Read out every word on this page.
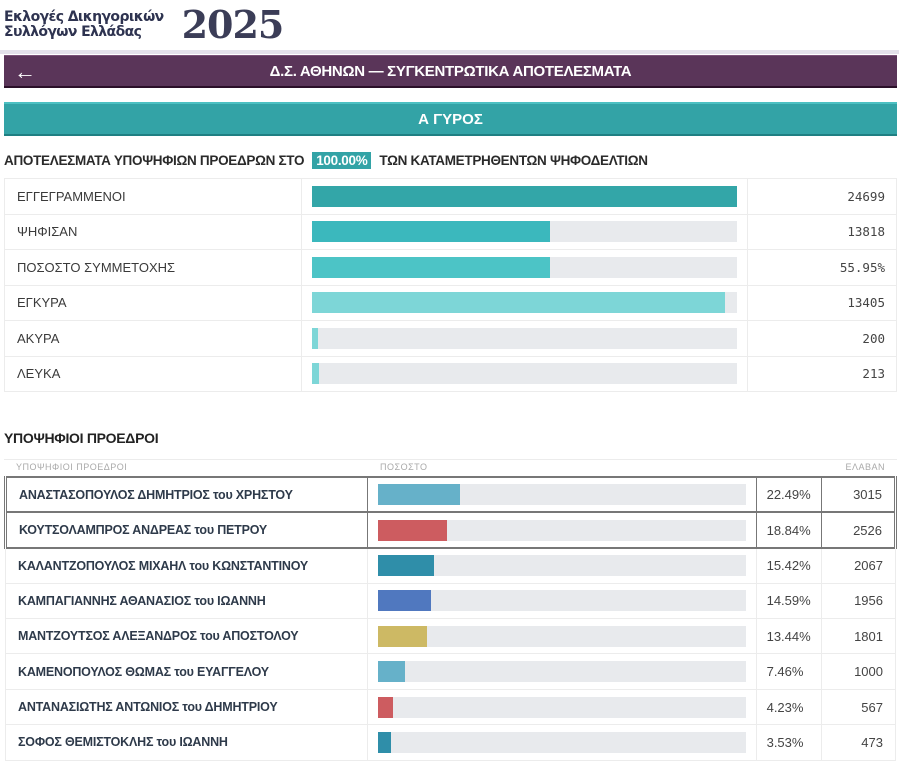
Εκλογές Δικηγορικών
Συλλόγων Ελλάδας	2025
←	Δ.Σ. ΑΘΗΝΩΝ — ΣΥΓΚΕΝΤΡΩΤΙΚΑ ΑΠΟΤΕΛΕΣΜΑΤΑ
Α ΓΥΡΟΣ
ΑΠΟΤΕΛΕΣΜΑΤΑ ΥΠΟΨΗΦΙΩΝ ΠΡΟΕΔΡΩΝ ΣΤΟ 100.00% ΤΩΝ ΚΑΤΑΜΕΤΡΗΘΕΝΤΩΝ ΨΗΦΟΔΕΛΤΙΩΝ
ΕΓΓΕΓΡΑΜΜΕΝΟΙ		24699
ΨΗΦΙΣΑΝ		13818
ΠΟΣΟΣΤΟ ΣΥΜΜΕΤΟΧΗΣ		55.95%
ΕΓΚΥΡΑ		13405
ΑΚΥΡΑ		200
ΛΕΥΚΑ		213
ΥΠΟΨΗΦΙΟΙ ΠΡΟΕΔΡΟΙ
ΥΠΟΨΗΦΙΟΙ ΠΡΟΕΔΡΟΙ	ΠΟΣΟΣΤΟ	ΕΛΑΒΑΝ
ΑΝΑΣΤΑΣΟΠΟΥΛΟΣ ΔΗΜΗΤΡΙΟΣ του ΧΡΗΣΤΟΥ		22.49%	3015
ΚΟΥΤΣΟΛΑΜΠΡΟΣ ΑΝΔΡΕΑΣ του ΠΕΤΡΟΥ		18.84%	2526
ΚΑΛΑΝΤΖΟΠΟΥΛΟΣ ΜΙΧΑΗΛ του ΚΩΝΣΤΑΝΤΙΝΟΥ		15.42%	2067
ΚΑΜΠΑΓΙΑΝΝΗΣ ΑΘΑΝΑΣΙΟΣ του ΙΩΑΝΝΗ		14.59%	1956
ΜΑΝΤΖΟΥΤΣΟΣ ΑΛΕΞΑΝΔΡΟΣ του ΑΠΟΣΤΟΛΟΥ		13.44%	1801
ΚΑΜΕΝΟΠΟΥΛΟΣ ΘΩΜΑΣ του ΕΥΑΓΓΕΛΟΥ		7.46%	1000
ΑΝΤΑΝΑΣΙΩΤΗΣ ΑΝΤΩΝΙΟΣ του ΔΗΜΗΤΡΙΟΥ		4.23%	567
ΣΟΦΟΣ ΘΕΜΙΣΤΟΚΛΗΣ του ΙΩΑΝΝΗ		3.53%	473
